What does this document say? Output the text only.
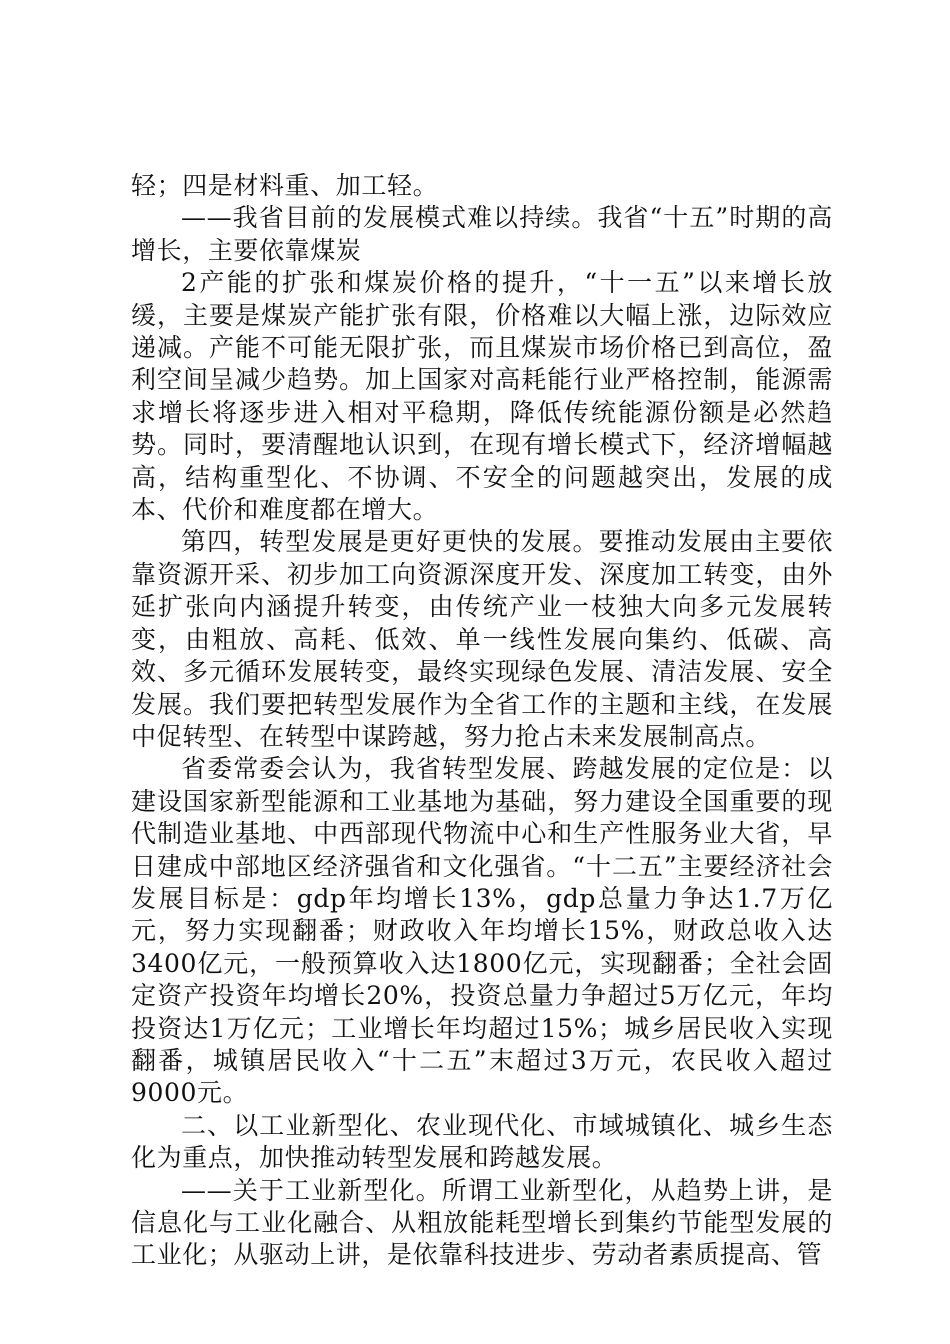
轻；四是材料重、加工轻。

——我省目前的发展模式难以持续。我省“十五”时期的高增长，主要依靠煤炭

2产能的扩张和煤炭价格的提升，“十一五”以来增长放缓，主要是煤炭产能扩张有限，价格难以大幅上涨，边际效应递减。产能不可能无限扩张，而且煤炭市场价格已到高位，盈利空间呈减少趋势。加上国家对高耗能行业严格控制，能源需求增长将逐步进入相对平稳期，降低传统能源份额是必然趋势。同时，要清醒地认识到，在现有增长模式下，经济增幅越高，结构重型化、不协调、不安全的问题越突出，发展的成本、代价和难度都在增大。

第四，转型发展是更好更快的发展。要推动发展由主要依靠资源开采、初步加工向资源深度开发、深度加工转变，由外延扩张向内涵提升转变，由传统产业一枝独大向多元发展转变，由粗放、高耗、低效、单一线性发展向集约、低碳、高效、多元循环发展转变，最终实现绿色发展、清洁发展、安全发展。我们要把转型发展作为全省工作的主题和主线，在发展中促转型、在转型中谋跨越，努力抢占未来发展制高点。

省委常委会认为，我省转型发展、跨越发展的定位是：以建设国家新型能源和工业基地为基础，努力建设全国重要的现代制造业基地、中西部现代物流中心和生产性服务业大省，早日建成中部地区经济强省和文化强省。“十二五”主要经济社会发展目标是：gdp年均增长13%，gdp总量力争达1.7万亿元，努力实现翻番；财政收入年均增长15%，财政总收入达3400亿元，一般预算收入达1800亿元，实现翻番；全社会固定资产投资年均增长20%，投资总量力争超过5万亿元，年均投资达1万亿元；工业增长年均超过15%；城乡居民收入实现翻番，城镇居民收入“十二五”末超过3万元，农民收入超过9000元。

二、以工业新型化、农业现代化、市域城镇化、城乡生态化为重点，加快推动转型发展和跨越发展。

——关于工业新型化。所谓工业新型化，从趋势上讲，是信息化与工业化融合、从粗放能耗型增长到集约节能型发展的工业化；从驱动上讲，是依靠科技进步、劳动者素质提高、管
